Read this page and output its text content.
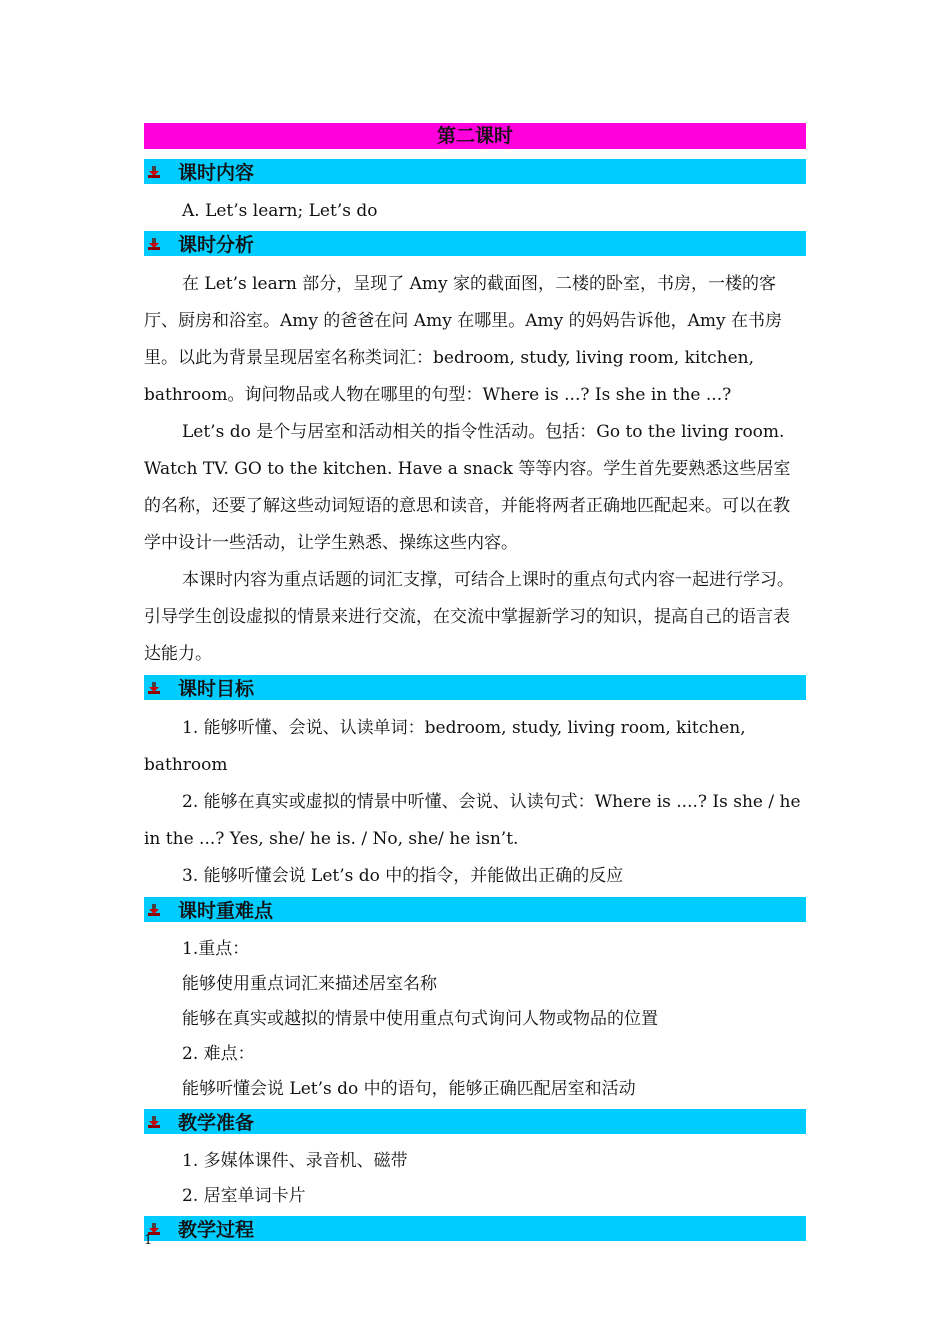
第二课时
课时内容

A. Let’s learn; Let’s do

课时分析

在 Let’s learn 部分，呈现了 Amy 家的截面图，二楼的卧室，书房，一楼的客厅、厨房和浴室。Amy 的爸爸在问 Amy 在哪里。Amy 的妈妈告诉他，Amy 在书房里。以此为背景呈现居室名称类词汇：bedroom, study, living room, kitchen, bathroom。询问物品或人物在哪里的句型：Where is ...? Is she in the ...?

Let’s do 是个与居室和活动相关的指令性活动。包括：Go to the living room. Watch TV. GO to the kitchen. Have a snack 等等内容。学生首先要熟悉这些居室的名称，还要了解这些动词短语的意思和读音，并能将两者正确地匹配起来。可以在教学中设计一些活动，让学生熟悉、操练这些内容。

本课时内容为重点话题的词汇支撑，可结合上课时的重点句式内容一起进行学习。引导学生创设虚拟的情景来进行交流，在交流中掌握新学习的知识，提高自己的语言表达能力。

课时目标

1. 能够听懂、会说、认读单词：bedroom, study, living room, kitchen, bathroom

2. 能够在真实或虚拟的情景中听懂、会说、认读句式：Where is ....? Is she / he in the ...? Yes, she/ he is. / No, she/ he isn’t.

3. 能够听懂会说 Let’s do 中的指令，并能做出正确的反应

课时重难点

1.重点：

能够使用重点词汇来描述居室名称

能够在真实或越拟的情景中使用重点句式询问人物或物品的位置

2. 难点：

能够听懂会说 Let’s do 中的语句，能够正确匹配居室和活动

教学准备

1. 多媒体课件、录音机、磁带

2. 居室单词卡片

教学过程
1
